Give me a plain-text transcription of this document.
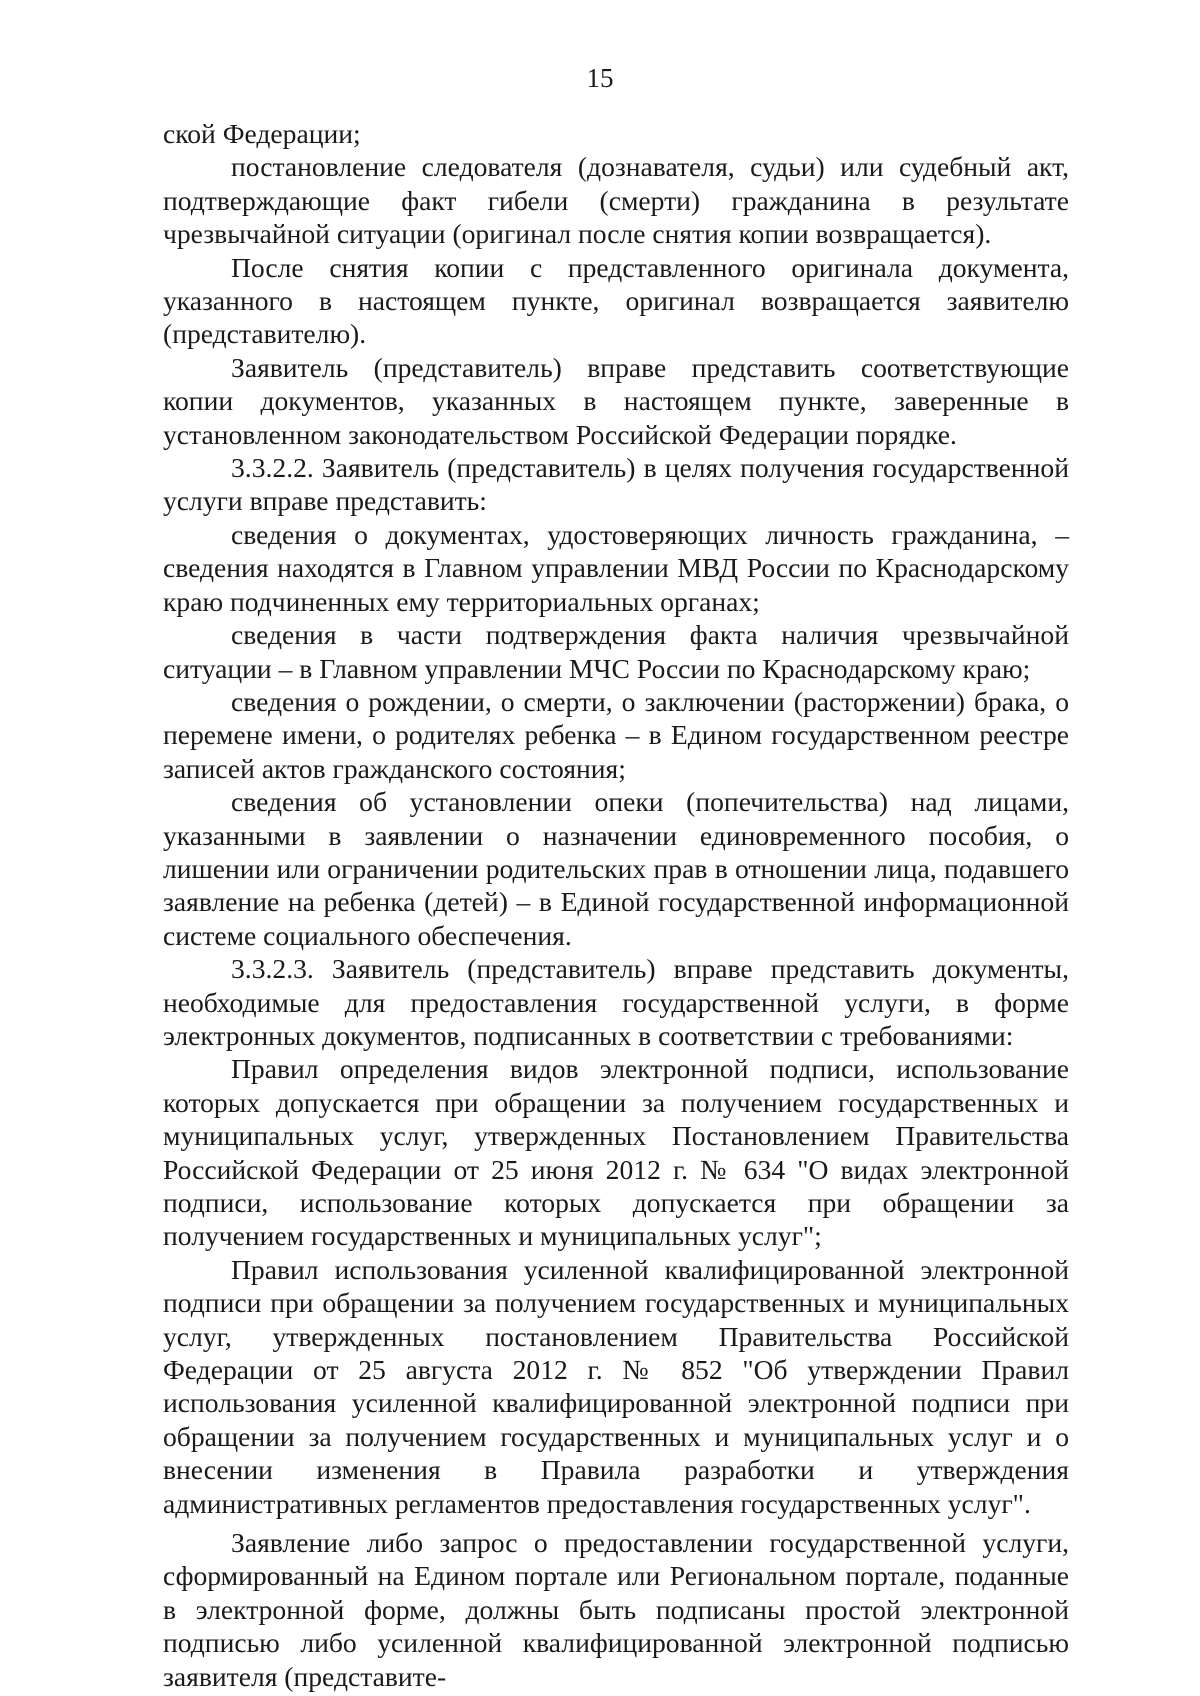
15

ской Федерации;

постановление следователя (дознавателя, судьи) или судебный акт, подтверждающие факт гибели (смерти) гражданина в результате чрезвычайной ситуации (оригинал после снятия копии возвращается).

После снятия копии с представленного оригинала документа, указанного в настоящем пункте, оригинал возвращается заявителю (представителю).

Заявитель (представитель) вправе представить соответствующие копии документов, указанных в настоящем пункте, заверенные в установленном законодательством Российской Федерации порядке.

3.3.2.2. Заявитель (представитель) в целях получения государственной услуги вправе представить:

сведения о документах, удостоверяющих личность гражданина, – сведения находятся в Главном управлении МВД России по Краснодарскому краю подчиненных ему территориальных органах;

сведения в части подтверждения факта наличия чрезвычайной ситуации – в Главном управлении МЧС России по Краснодарскому краю;

сведения о рождении, о смерти, о заключении (расторжении) брака, о перемене имени, о родителях ребенка – в Едином государственном реестре записей актов гражданского состояния;

сведения об установлении опеки (попечительства) над лицами, указанными в заявлении о назначении единовременного пособия, о лишении или ограничении родительских прав в отношении лица, подавшего заявление на ребенка (детей) – в Единой государственной информационной системе социального обеспечения.

3.3.2.3. Заявитель (представитель) вправе представить документы, необходимые для предоставления государственной услуги, в форме электронных документов, подписанных в соответствии с требованиями:

Правил определения видов электронной подписи, использование которых допускается при обращении за получением государственных и муниципальных услуг, утвержденных Постановлением Правительства Российской Федерации от 25 июня 2012 г. № 634 "О видах электронной подписи, использование которых допускается при обращении за получением государственных и муниципальных услуг";

Правил использования усиленной квалифицированной электронной подписи при обращении за получением государственных и муниципальных услуг, утвержденных постановлением Правительства Российской Федерации от 25 августа 2012 г. № 852 "Об утверждении Правил использования усиленной квалифицированной электронной подписи при обращении за получением государственных и муниципальных услуг и о внесении изменения в Правила разработки и утверждения административных регламентов предоставления государственных услуг".

Заявление либо запрос о предоставлении государственной услуги, сформированный на Едином портале или Региональном портале, поданные в электронной форме, должны быть подписаны простой электронной подписью либо усиленной квалифицированной электронной подписью заявителя (представите-
